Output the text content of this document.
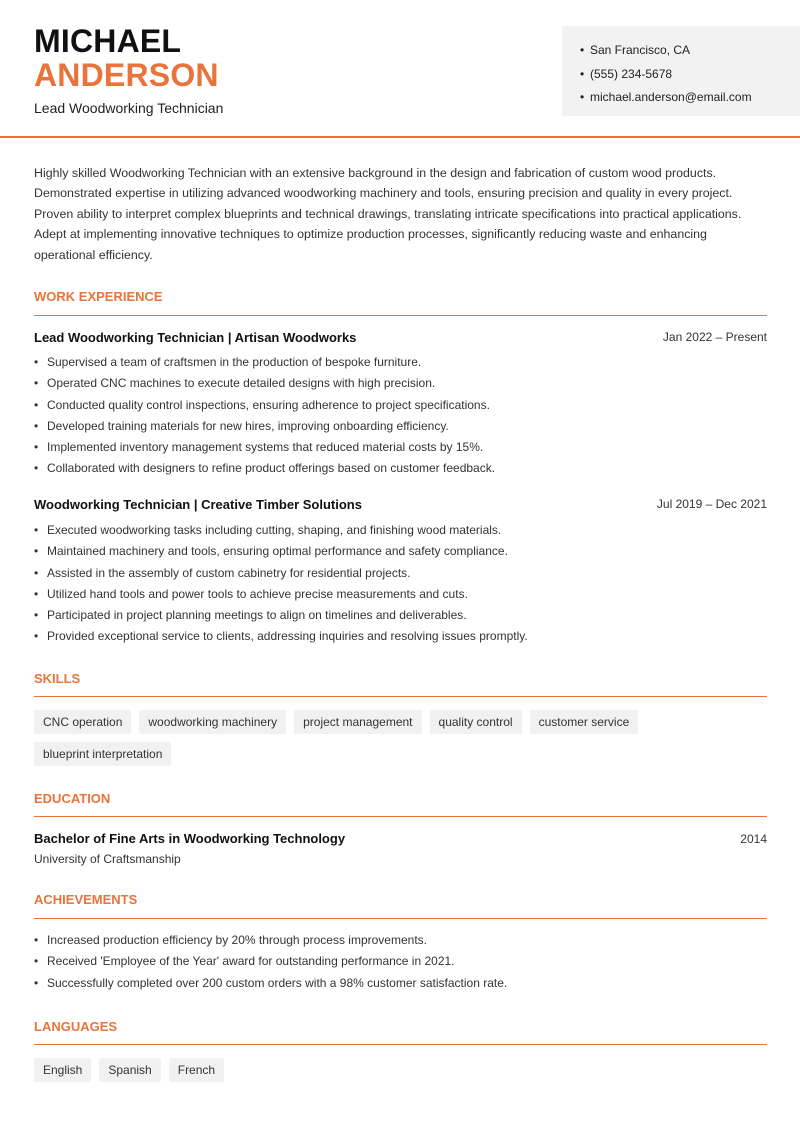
MICHAEL
ANDERSON
Lead Woodworking Technician
• San Francisco, CA
• (555) 234-5678
• michael.anderson@email.com
Highly skilled Woodworking Technician with an extensive background in the design and fabrication of custom wood products. Demonstrated expertise in utilizing advanced woodworking machinery and tools, ensuring precision and quality in every project. Proven ability to interpret complex blueprints and technical drawings, translating intricate specifications into practical applications. Adept at implementing innovative techniques to optimize production processes, significantly reducing waste and enhancing operational efficiency.
WORK EXPERIENCE
Lead Woodworking Technician | Artisan Woodworks	Jan 2022 – Present
• Supervised a team of craftsmen in the production of bespoke furniture.
• Operated CNC machines to execute detailed designs with high precision.
• Conducted quality control inspections, ensuring adherence to project specifications.
• Developed training materials for new hires, improving onboarding efficiency.
• Implemented inventory management systems that reduced material costs by 15%.
• Collaborated with designers to refine product offerings based on customer feedback.
Woodworking Technician | Creative Timber Solutions	Jul 2019 – Dec 2021
• Executed woodworking tasks including cutting, shaping, and finishing wood materials.
• Maintained machinery and tools, ensuring optimal performance and safety compliance.
• Assisted in the assembly of custom cabinetry for residential projects.
• Utilized hand tools and power tools to achieve precise measurements and cuts.
• Participated in project planning meetings to align on timelines and deliverables.
• Provided exceptional service to clients, addressing inquiries and resolving issues promptly.
SKILLS
CNC operation	woodworking machinery	project management	quality control	customer service
blueprint interpretation
EDUCATION
Bachelor of Fine Arts in Woodworking Technology	2014
University of Craftsmanship
ACHIEVEMENTS
• Increased production efficiency by 20% through process improvements.
• Received 'Employee of the Year' award for outstanding performance in 2021.
• Successfully completed over 200 custom orders with a 98% customer satisfaction rate.
LANGUAGES
English	Spanish	French
